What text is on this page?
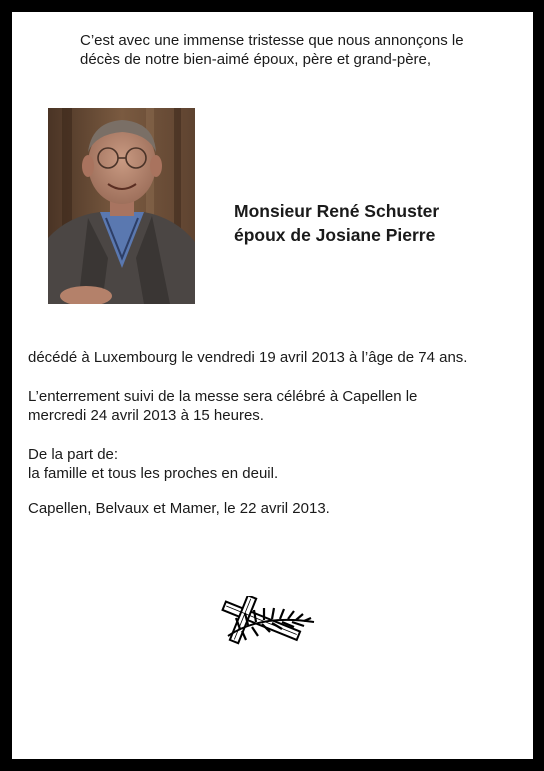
C’est avec une immense tristesse que nous annonçons le
décès de notre bien-aimé époux, père et grand-père,
Monsieur René Schuster
époux de Josiane Pierre
décédé à Luxembourg le vendredi 19 avril 2013 à l’âge de 74 ans.
L’enterrement suivi de la messe sera célébré à Capellen le
mercredi 24 avril 2013 à 15 heures.
De la part de:
la famille et tous les proches en deuil.
Capellen, Belvaux et Mamer, le 22 avril 2013.
